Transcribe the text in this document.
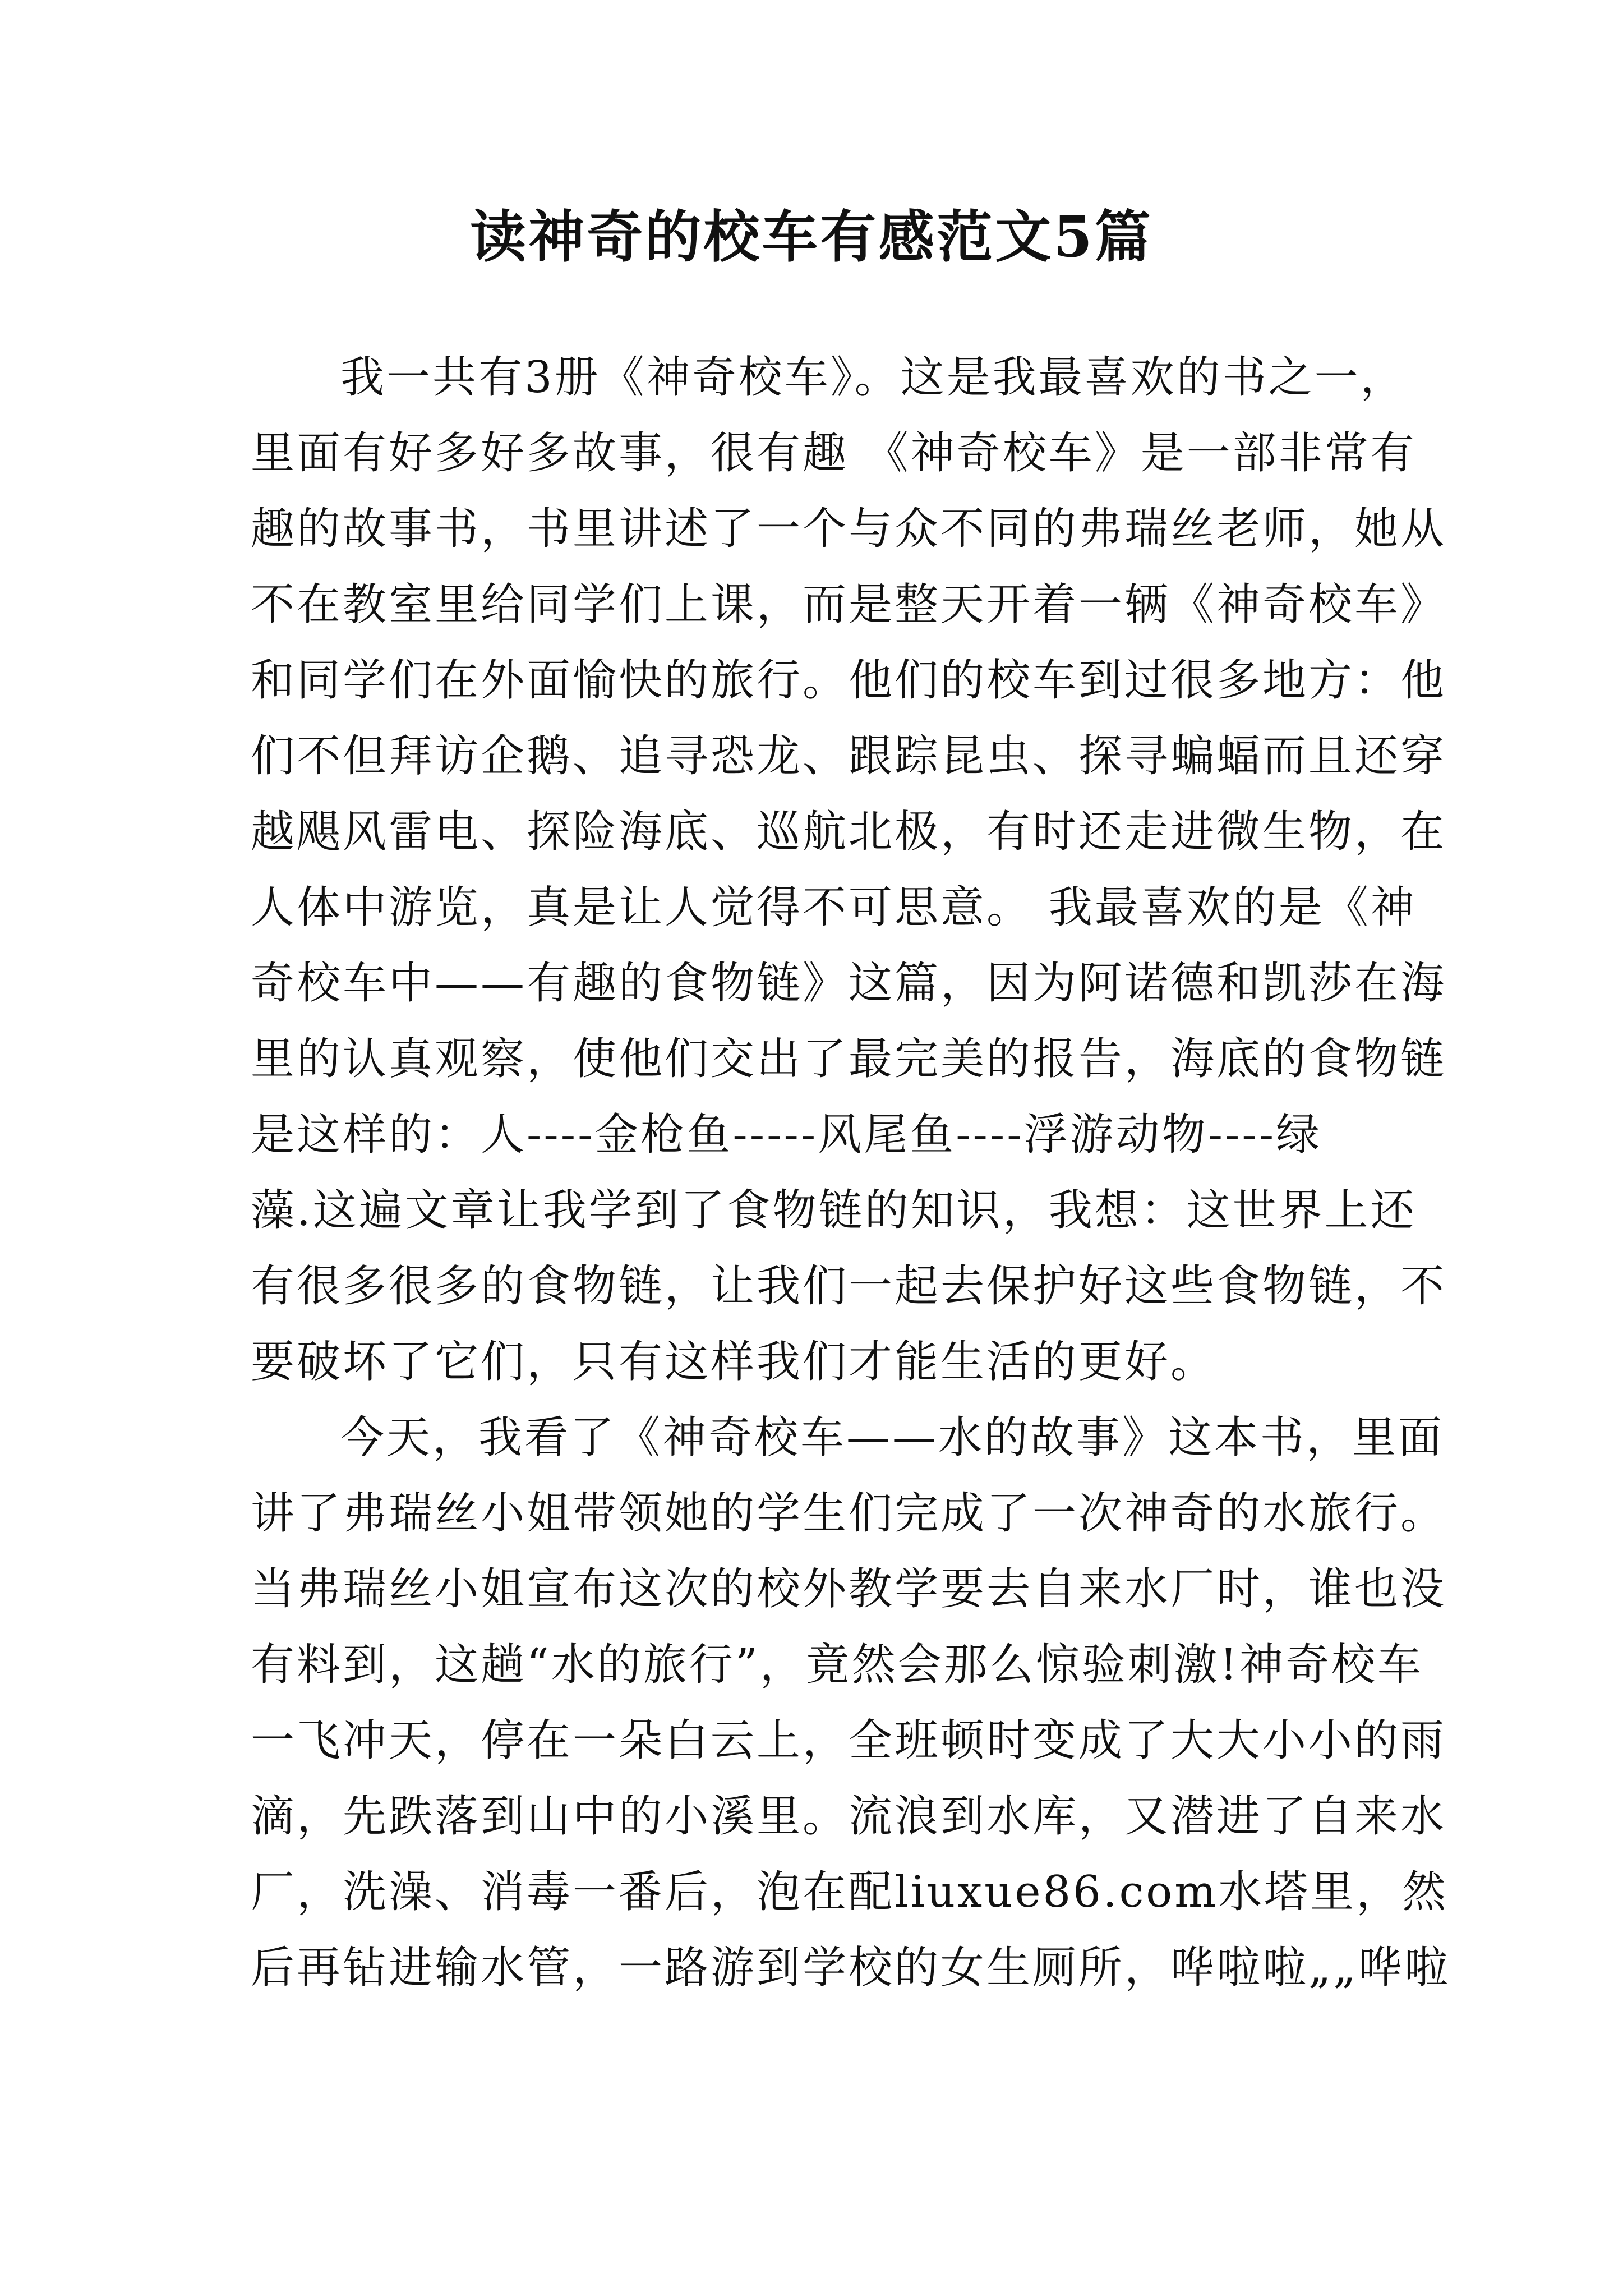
读神奇的校车有感范文5篇
我一共有3册《神奇校车》。这是我最喜欢的书之一，
里面有好多好多故事，很有趣 《神奇校车》是一部非常有
趣的故事书，书里讲述了一个与众不同的弗瑞丝老师，她从
不在教室里给同学们上课，而是整天开着一辆《神奇校车》
和同学们在外面愉快的旅行。他们的校车到过很多地方：他
们不但拜访企鹅、追寻恐龙、跟踪昆虫、探寻蝙蝠而且还穿
越飓风雷电、探险海底、巡航北极，有时还走进微生物，在
人体中游览，真是让人觉得不可思意。 我最喜欢的是《神
奇校车中——有趣的食物链》这篇，因为阿诺德和凯莎在海
里的认真观察，使他们交出了最完美的报告，海底的食物链
是这样的：人----金枪鱼-----风尾鱼----浮游动物----绿
藻.这遍文章让我学到了食物链的知识，我想：这世界上还
有很多很多的食物链，让我们一起去保护好这些食物链，不
要破坏了它们，只有这样我们才能生活的更好。
今天，我看了《神奇校车——水的故事》这本书，里面
讲了弗瑞丝小姐带领她的学生们完成了一次神奇的水旅行。
当弗瑞丝小姐宣布这次的校外教学要去自来水厂时，谁也没
有料到，这趟“水的旅行”，竟然会那么惊验刺激!神奇校车
一飞冲天，停在一朵白云上，全班顿时变成了大大小小的雨
滴，先跌落到山中的小溪里。流浪到水库，又潜进了自来水
厂，洗澡、消毒一番后，泡在配liuxue86.com水塔里，然
后再钻进输水管，一路游到学校的女生厕所，哗啦啦„„哗啦
